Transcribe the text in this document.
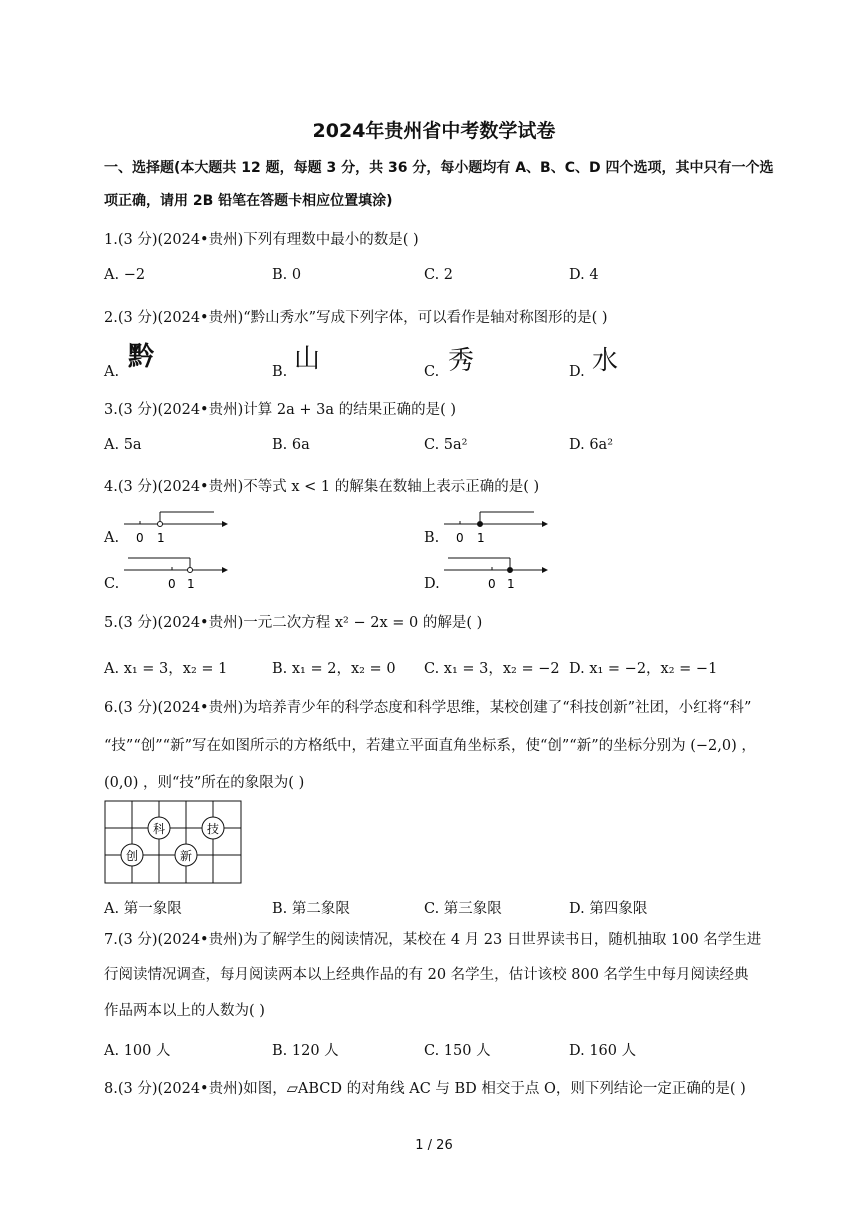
2024年贵州省中考数学试卷
一、选择题(本大题共 12 题，每题 3 分，共 36 分，每小题均有 A、B、C、D 四个选项，其中只有一个选
项正确，请用 2B 铅笔在答题卡相应位置填涂)
1.(3 分)(2024•贵州)下列有理数中最小的数是( )
A. −2	B. 0	C. 2	D. 4
2.(3 分)(2024•贵州)“黔山秀水”写成下列字体，可以看作是轴对称图形的是( )
A. 黔	B. 山	C. 秀	D. 水
3.(3 分)(2024•贵州)计算 2a + 3a 的结果正确的是( )
A. 5a	B. 6a	C. 5a²	D. 6a²
4.(3 分)(2024•贵州)不等式 x < 1 的解集在数轴上表示正确的是( )
A.	B.
C.	D.
0 1	0 1
0 1	0 1
5.(3 分)(2024•贵州)一元二次方程 x² − 2x = 0 的解是( )
A. x₁ = 3，x₂ = 1	B. x₁ = 2，x₂ = 0 C. x₁ = 3，x₂ = −2 D. x₁ = −2，x₂ = −1
6.(3 分)(2024•贵州)为培养青少年的科学态度和科学思维，某校创建了“科技创新”社团，小红将“科”
“技”“创”“新”写在如图所示的方格纸中，若建立平面直角坐标系，使“创”“新”的坐标分别为 (−2,0) ，
(0,0) ，则“技”所在的象限为( )
科	技
创	新
A. 第一象限	B. 第二象限	C. 第三象限	D. 第四象限
7.(3 分)(2024•贵州)为了解学生的阅读情况，某校在 4 月 23 日世界读书日，随机抽取 100 名学生进
行阅读情况调查，每月阅读两本以上经典作品的有 20 名学生，估计该校 800 名学生中每月阅读经典
作品两本以上的人数为( )
A. 100 人	B. 120 人	C. 150 人	D. 160 人
8.(3 分)(2024•贵州)如图，▱ABCD 的对角线 AC 与 BD 相交于点 O，则下列结论一定正确的是( )
1 / 26
